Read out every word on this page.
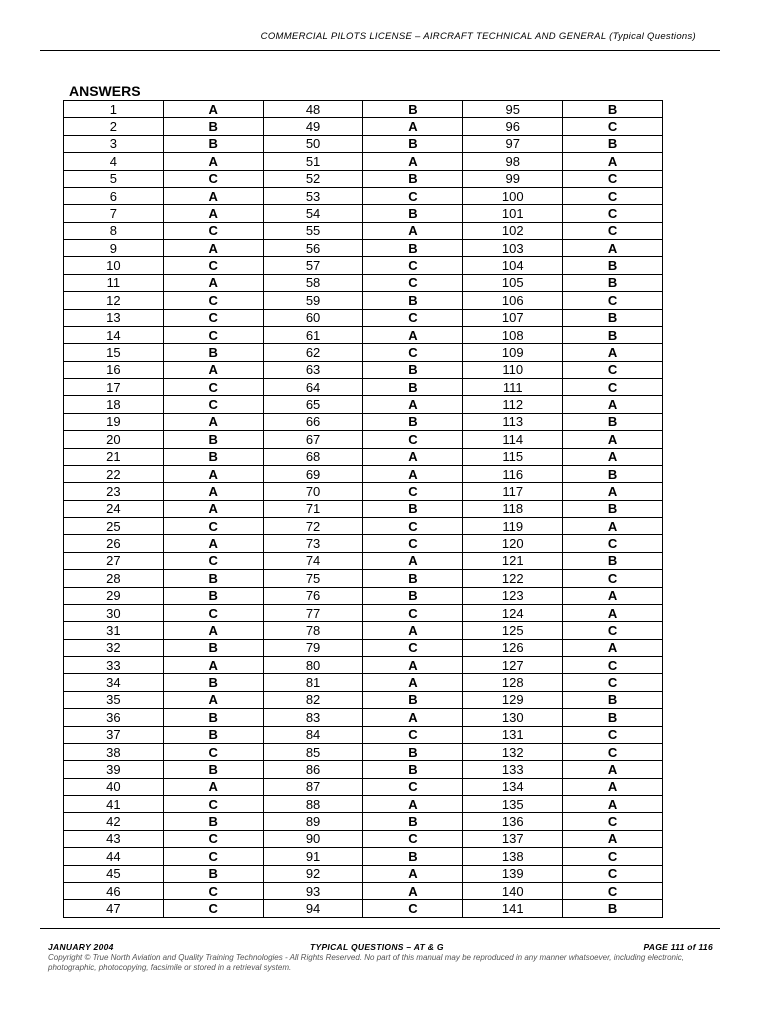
COMMERCIAL PILOTS LICENSE – AIRCRAFT TECHNICAL AND GENERAL (Typical Questions)
ANSWERS
1	A	48	B	95	B
2	B	49	A	96	C
3	B	50	B	97	B
4	A	51	A	98	A
5	C	52	B	99	C
6	A	53	C	100	C
7	A	54	B	101	C
8	C	55	A	102	C
9	A	56	B	103	A
10	C	57	C	104	B
11	A	58	C	105	B
12	C	59	B	106	C
13	C	60	C	107	B
14	C	61	A	108	B
15	B	62	C	109	A
16	A	63	B	110	C
17	C	64	B	111	C
18	C	65	A	112	A
19	A	66	B	113	B
20	B	67	C	114	A
21	B	68	A	115	A
22	A	69	A	116	B
23	A	70	C	117	A
24	A	71	B	118	B
25	C	72	C	119	A
26	A	73	C	120	C
27	C	74	A	121	B
28	B	75	B	122	C
29	B	76	B	123	A
30	C	77	C	124	A
31	A	78	A	125	C
32	B	79	C	126	A
33	A	80	A	127	C
34	B	81	A	128	C
35	A	82	B	129	B
36	B	83	A	130	B
37	B	84	C	131	C
38	C	85	B	132	C
39	B	86	B	133	A
40	A	87	C	134	A
41	C	88	A	135	A
42	B	89	B	136	C
43	C	90	C	137	A
44	C	91	B	138	C
45	B	92	A	139	C
46	C	93	A	140	C
47	C	94	C	141	B
JANUARY 2004	TYPICAL QUESTIONS – AT & G	PAGE 111 of 116
Copyright © True North Aviation and Quality Training Technologies - All Rights Reserved. No part of this manual may be reproduced in any manner whatsoever, including electronic, photographic, photocopying, facsimile or stored in a retrieval system.
